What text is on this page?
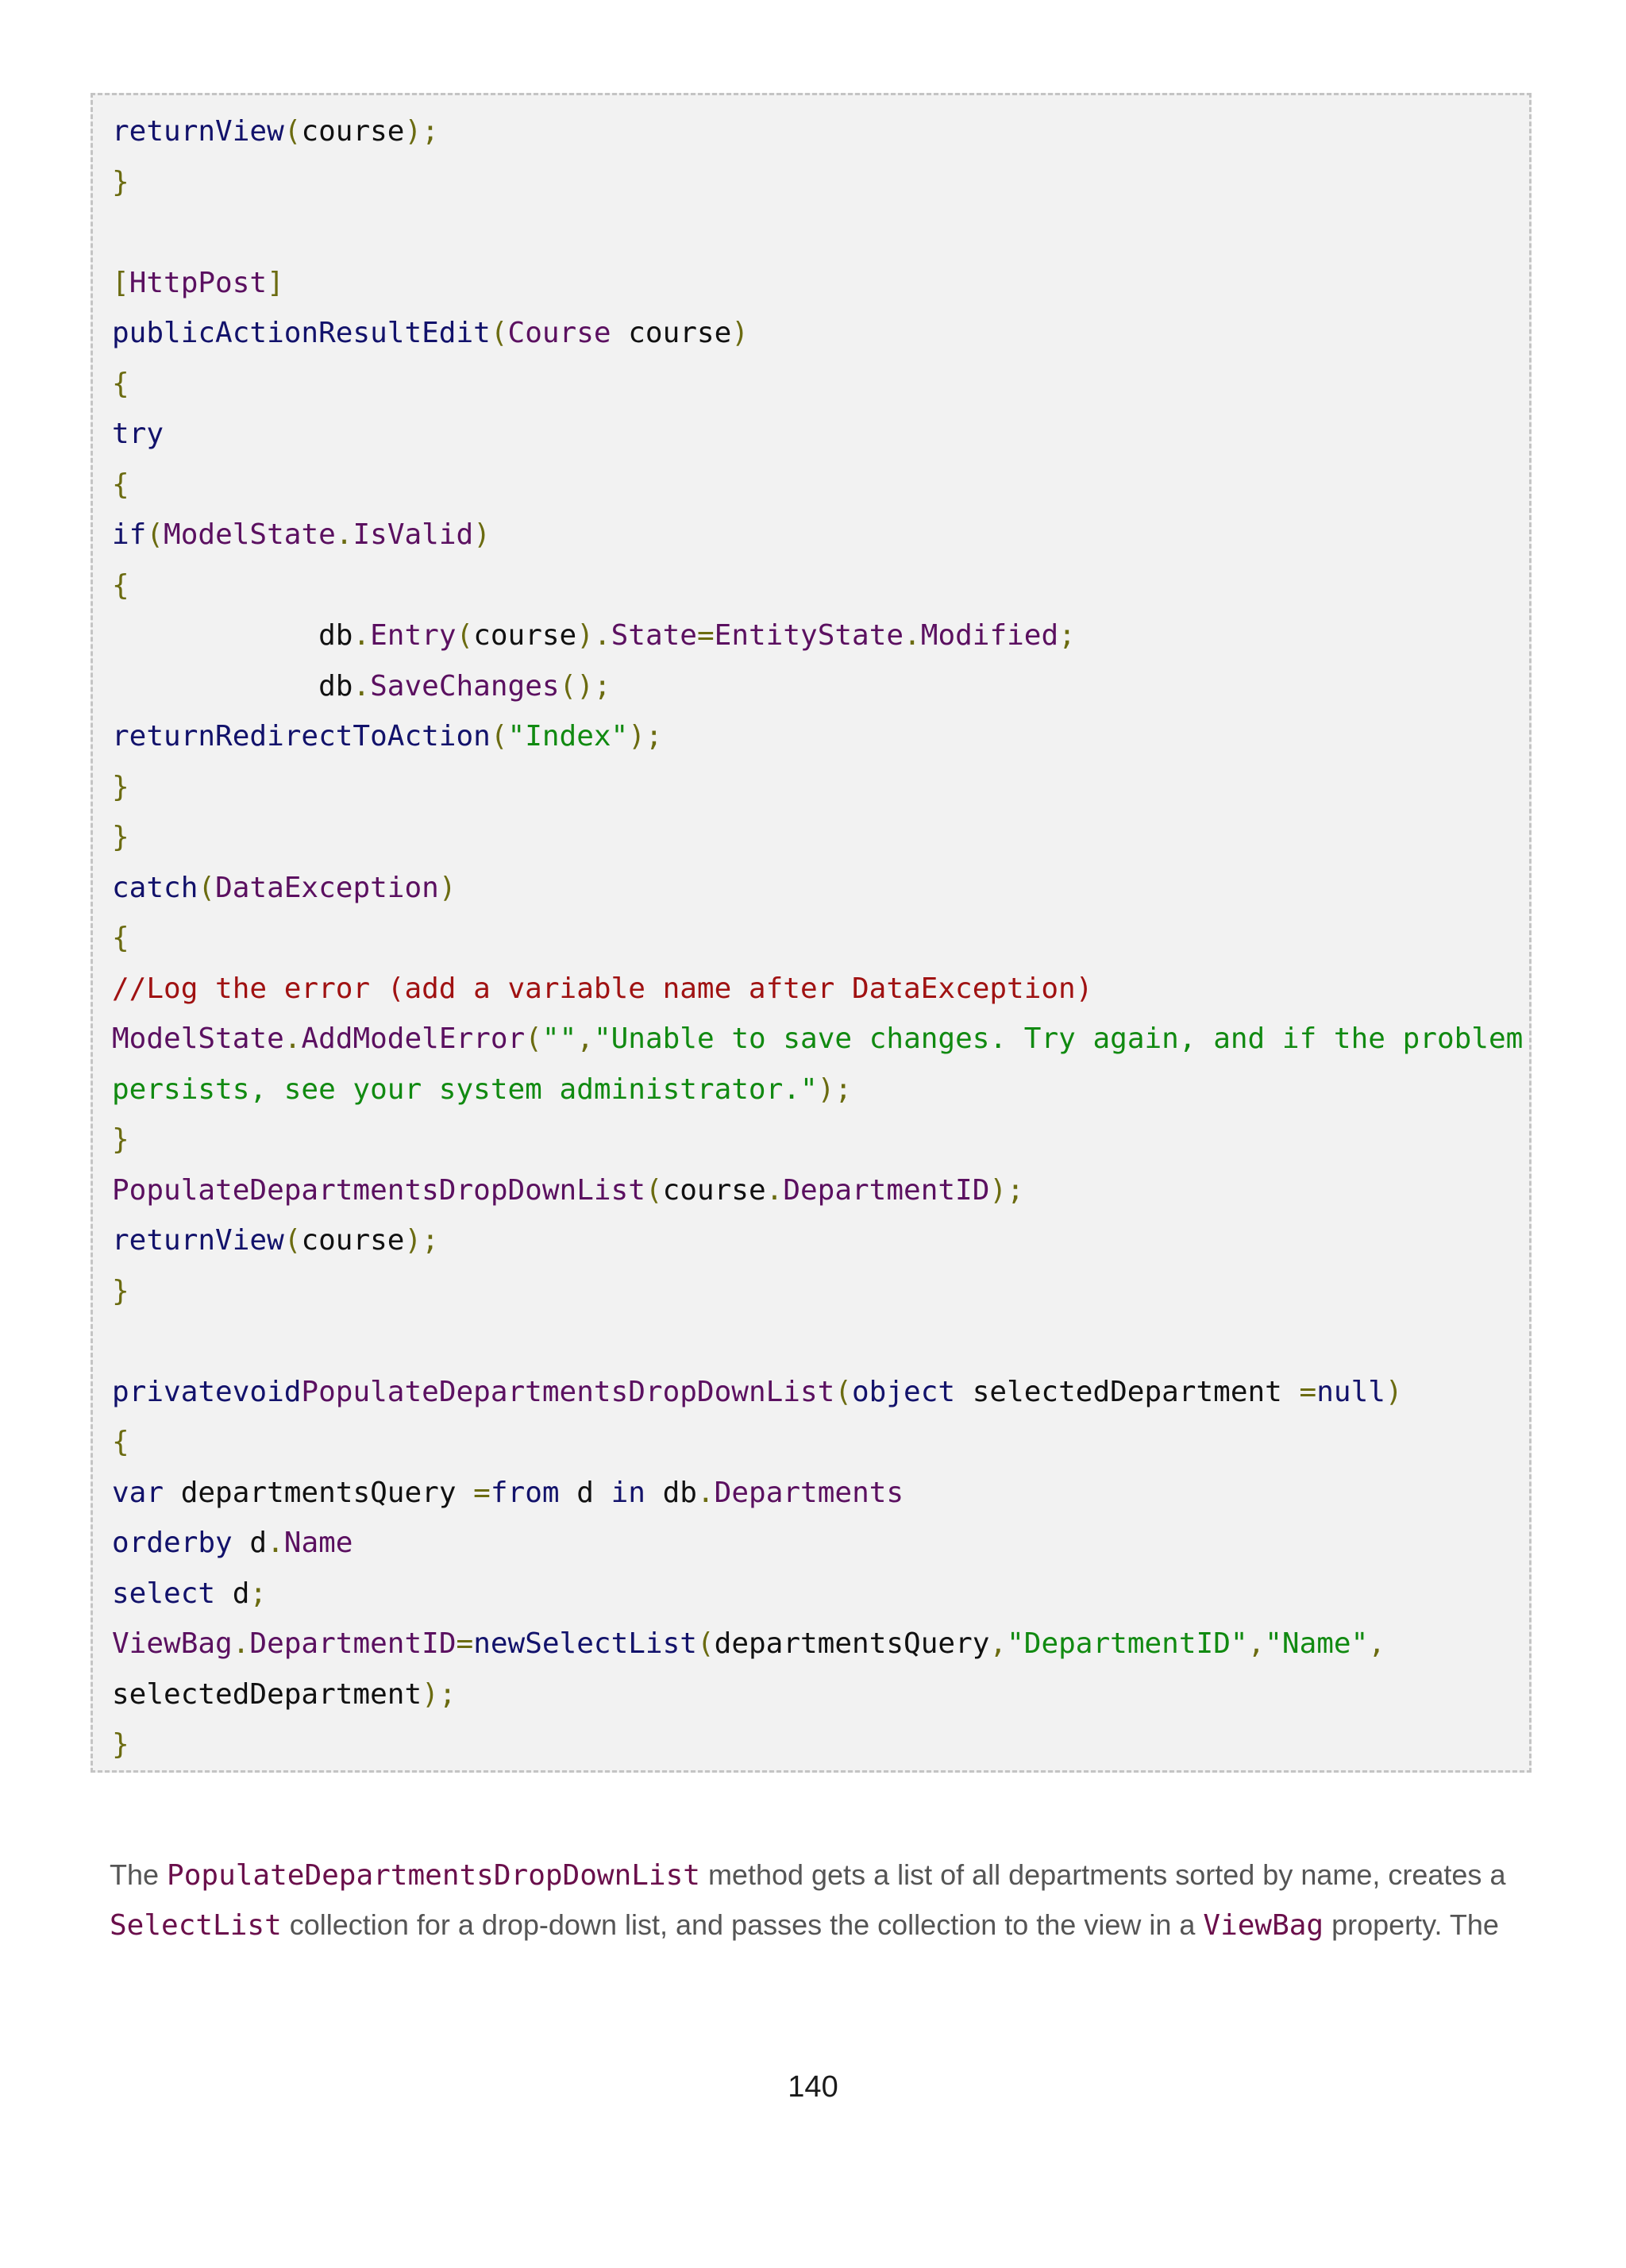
returnView(course);
}
[HttpPost]
publicActionResultEdit(Course course)
{
try
{
if(ModelState.IsValid)
{
db.Entry(course).State=EntityState.Modified;
db.SaveChanges();
returnRedirectToAction("Index");
}
}
catch(DataException)
{
//Log the error (add a variable name after DataException)
ModelState.AddModelError("","Unable to save changes. Try again, and if the problem
persists, see your system administrator.");
}
PopulateDepartmentsDropDownList(course.DepartmentID);
returnView(course);
}
privatevoidPopulateDepartmentsDropDownList(object selectedDepartment =null)
{
var departmentsQuery =from d in db.Departments
orderby d.Name
select d;
ViewBag.DepartmentID=newSelectList(departmentsQuery,"DepartmentID","Name",
selectedDepartment);
}
The PopulateDepartmentsDropDownList method gets a list of all departments sorted by name, creates a
SelectList collection for a drop-down list, and passes the collection to the view in a ViewBag property. The
140
